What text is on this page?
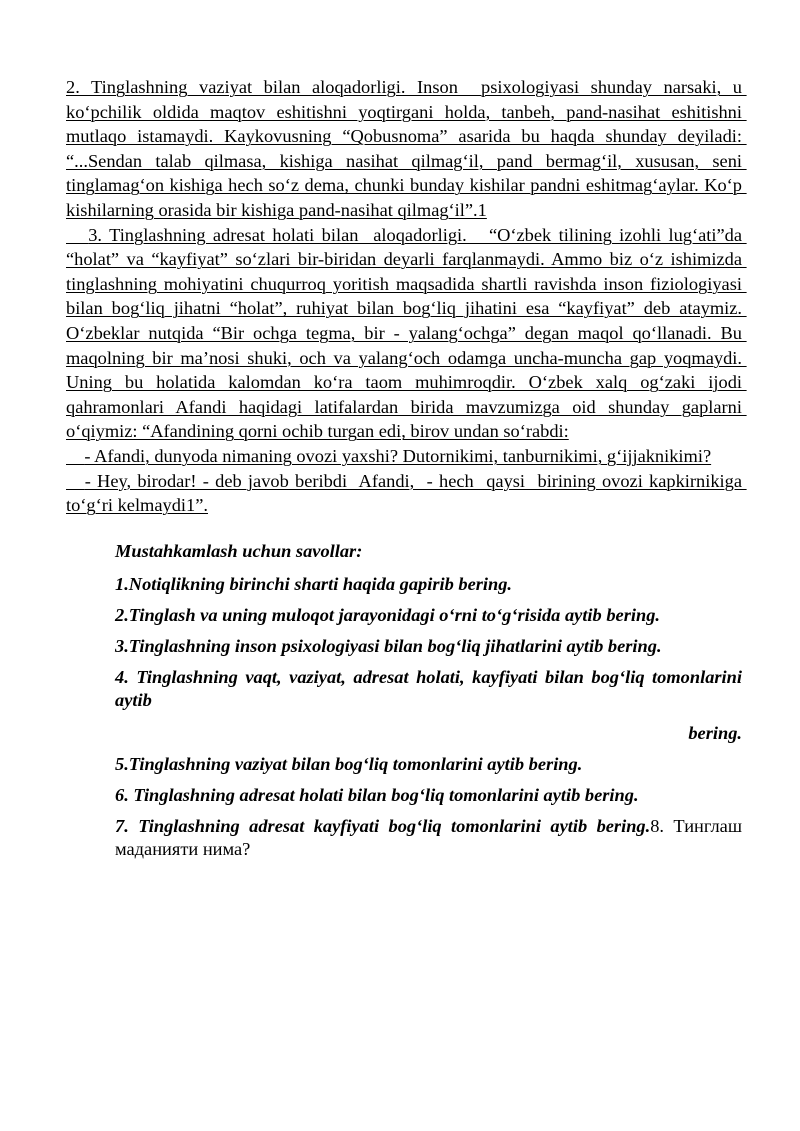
2. Tinglashning vaziyat bilan aloqadorligi. Inson  psixologiyasi shunday narsaki, u ko‘pchilik oldida maqtov eshitishni yoqtirgani holda, tanbeh, pand-nasihat eshitishni mutlaqo istamaydi. Kaykovusning “Qobusnoma” asarida bu haqda shunday deyiladi: “...Sendan talab qilmasa, kishiga nasihat qilmag‘il, pand bermag‘il, xususan, seni tinglamag‘on kishiga hech so‘z dema, chunki bunday kishilar pandni eshitmag‘aylar. Ko‘p kishilarning orasida bir kishiga pand-nasihat qilmag‘il”.1

3. Tinglashning adresat holati bilan  aloqadorligi.   “O‘zbek tilining izohli lug‘ati”da “holat” va “kayfiyat” so‘zlari bir-biridan deyarli farqlanmaydi. Ammo biz o‘z ishimizda tinglashning mohiyatini chuqurroq yoritish maqsadida shartli ravishda inson fiziologiyasi bilan bog‘liq jihatni “holat”, ruhiyat bilan bog‘liq jihatini esa “kayfiyat” deb ataymiz. O‘zbeklar nutqida “Bir ochga tegma, bir - yalang‘ochga” degan maqol qo‘llanadi. Bu maqolning bir ma’nosi shuki, och va yalang‘och odamga uncha-muncha gap yoqmaydi. Uning bu holatida kalomdan ko‘ra taom muhimroqdir. O‘zbek xalq og‘zaki ijodi qahramonlari Afandi haqidagi latifalardan birida mavzumizga oid shunday gaplarni o‘qiymiz: “Afandining qorni ochib turgan edi, birov undan so‘rabdi:

- Afandi, dunyoda nimaning ovozi yaxshi? Dutornikimi, tanburnikimi, g‘ijjaknikimi?

- Hey, birodar! - deb javob beribdi  Afandi,  - hech  qaysi  birining ovozi kapkirnikiga to‘g‘ri kelmaydi1”.

Mustahkamlash uchun savollar:

1.Notiqlikning birinchi sharti haqida gapirib bering.

2.Tinglash va uning muloqot jarayonidagi o‘rni to‘g‘risida aytib bering.

3.Tinglashning inson psixologiyasi bilan bog‘liq jihatlarini aytib bering.

4. Tinglashning vaqt, vaziyat, adresat holati, kayfiyati bilan bog‘liq tomonlarini aytib

bering.

5.Tinglashning vaziyat bilan bog‘liq tomonlarini aytib bering.

6. Tinglashning adresat holati bilan bog‘liq tomonlarini aytib bering.

7. Tinglashning adresat kayfiyati bog‘liq tomonlarini aytib bering.8. Тинглаш маданияти нима?
